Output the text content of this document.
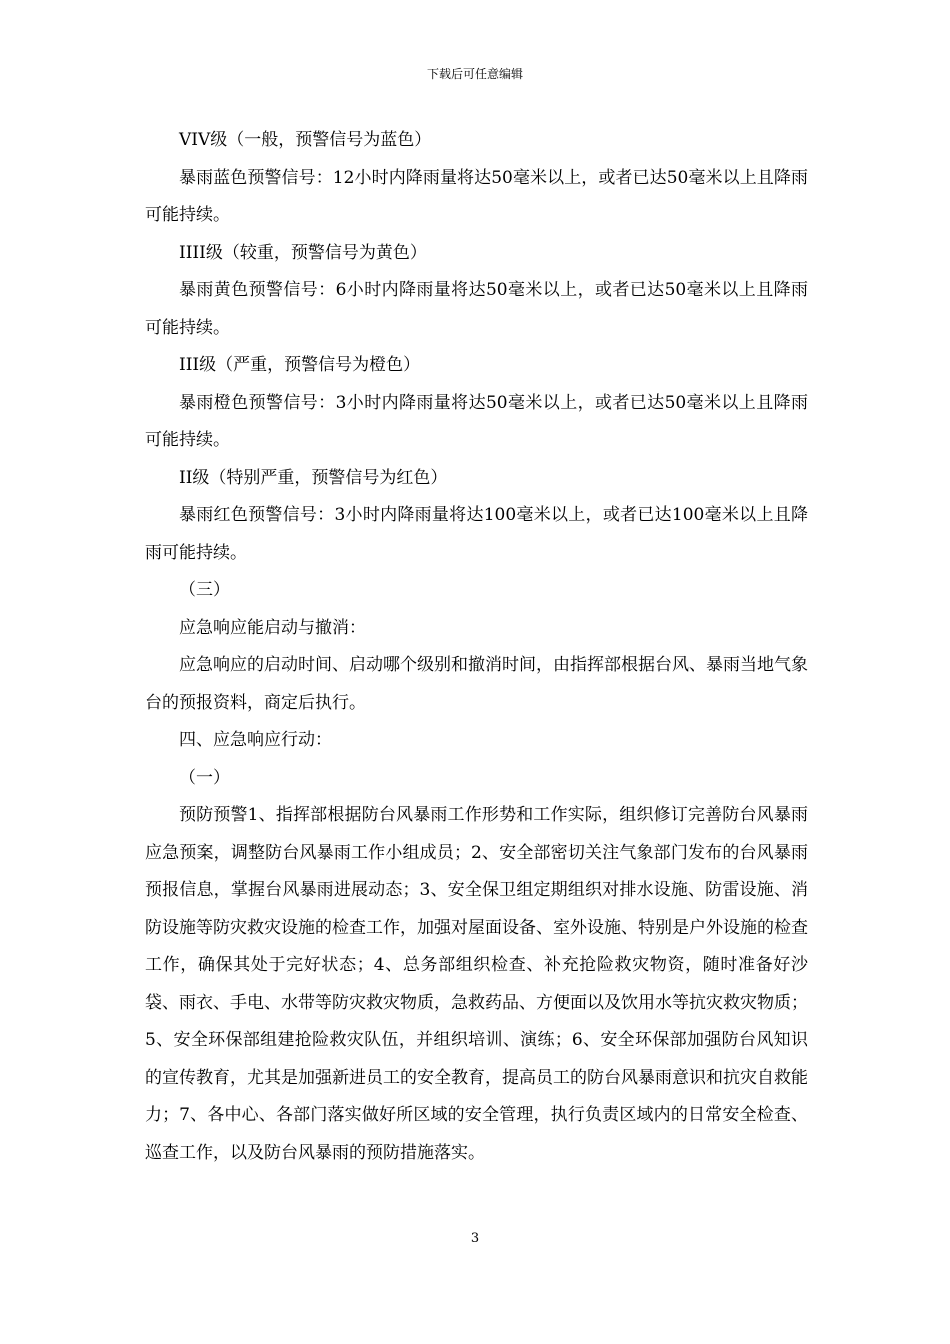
下载后可任意编辑

VIV级（一般，预警信号为蓝色）

暴雨蓝色预警信号：12小时内降雨量将达50毫米以上，或者已达50毫米以上且降雨可能持续。

IIII级（较重，预警信号为黄色）

暴雨黄色预警信号：6小时内降雨量将达50毫米以上，或者已达50毫米以上且降雨可能持续。

III级（严重，预警信号为橙色）

暴雨橙色预警信号：3小时内降雨量将达50毫米以上，或者已达50毫米以上且降雨可能持续。

II级（特别严重，预警信号为红色）

暴雨红色预警信号：3小时内降雨量将达100毫米以上，或者已达100毫米以上且降雨可能持续。

（三）

应急响应能启动与撤消：

应急响应的启动时间、启动哪个级别和撤消时间，由指挥部根据台风、暴雨当地气象台的预报资料，商定后执行。

四、应急响应行动：

（一）

预防预警1、指挥部根据防台风暴雨工作形势和工作实际，组织修订完善防台风暴雨应急预案，调整防台风暴雨工作小组成员；2、安全部密切关注气象部门发布的台风暴雨预报信息，掌握台风暴雨进展动态；3、安全保卫组定期组织对排水设施、防雷设施、消防设施等防灾救灾设施的检查工作，加强对屋面设备、室外设施、特别是户外设施的检查工作，确保其处于完好状态；4、总务部组织检查、补充抢险救灾物资，随时准备好沙袋、雨衣、手电、水带等防灾救灾物质，急救药品、方便面以及饮用水等抗灾救灾物质；5、安全环保部组建抢险救灾队伍，并组织培训、演练；6、安全环保部加强防台风知识的宣传教育，尤其是加强新进员工的安全教育，提高员工的防台风暴雨意识和抗灾自救能力；7、各中心、各部门落实做好所区域的安全管理，执行负责区域内的日常安全检查、巡查工作，以及防台风暴雨的预防措施落实。

3
